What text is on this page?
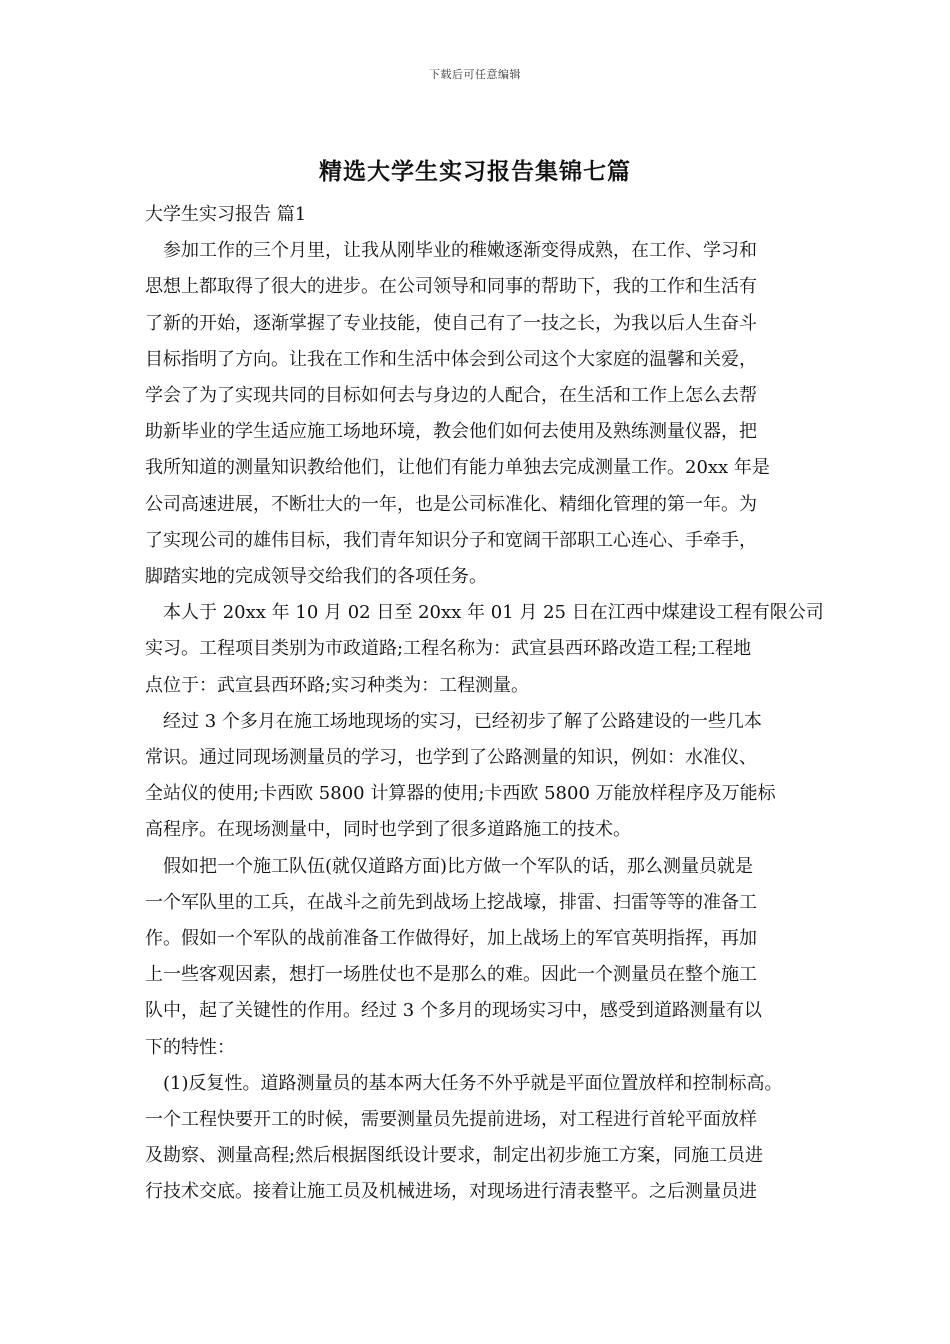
下载后可任意编辑
精选大学生实习报告集锦七篇
大学生实习报告 篇1

参加工作的三个月里，让我从刚毕业的稚嫩逐渐变得成熟，在工作、学习和
思想上都取得了很大的进步。在公司领导和同事的帮助下，我的工作和生活有
了新的开始，逐渐掌握了专业技能，使自己有了一技之长，为我以后人生奋斗
目标指明了方向。让我在工作和生活中体会到公司这个大家庭的温馨和关爱，
学会了为了实现共同的目标如何去与身边的人配合，在生活和工作上怎么去帮
助新毕业的学生适应施工场地环境，教会他们如何去使用及熟练测量仪器，把
我所知道的测量知识教给他们，让他们有能力单独去完成测量工作。20xx 年是
公司高速进展，不断壮大的一年，也是公司标准化、精细化管理的第一年。为
了实现公司的雄伟目标，我们青年知识分子和宽阔干部职工心连心、手牵手，
脚踏实地的完成领导交给我们的各项任务。

本人于 20xx 年 10 月 02 日至 20xx 年 01 月 25 日在江西中煤建设工程有限公司
实习。工程项目类别为市政道路;工程名称为：武宣县西环路改造工程;工程地
点位于：武宣县西环路;实习种类为：工程测量。

经过 3 个多月在施工场地现场的实习，已经初步了解了公路建设的一些几本
常识。通过同现场测量员的学习，也学到了公路测量的知识，例如：水准仪、
全站仪的使用;卡西欧 5800 计算器的使用;卡西欧 5800 万能放样程序及万能标
高程序。在现场测量中，同时也学到了很多道路施工的技术。

假如把一个施工队伍(就仅道路方面)比方做一个军队的话，那么测量员就是
一个军队里的工兵，在战斗之前先到战场上挖战壕，排雷、扫雷等等的准备工
作。假如一个军队的战前准备工作做得好，加上战场上的军官英明指挥，再加
上一些客观因素，想打一场胜仗也不是那么的难。因此一个测量员在整个施工
队中，起了关键性的作用。经过 3 个多月的现场实习中，感受到道路测量有以
下的特性：

(1)反复性。道路测量员的基本两大任务不外乎就是平面位置放样和控制标高。
一个工程快要开工的时候，需要测量员先提前进场，对工程进行首轮平面放样
及勘察、测量高程;然后根据图纸设计要求，制定出初步施工方案，同施工员进
行技术交底。接着让施工员及机械进场，对现场进行清表整平。之后测量员进
